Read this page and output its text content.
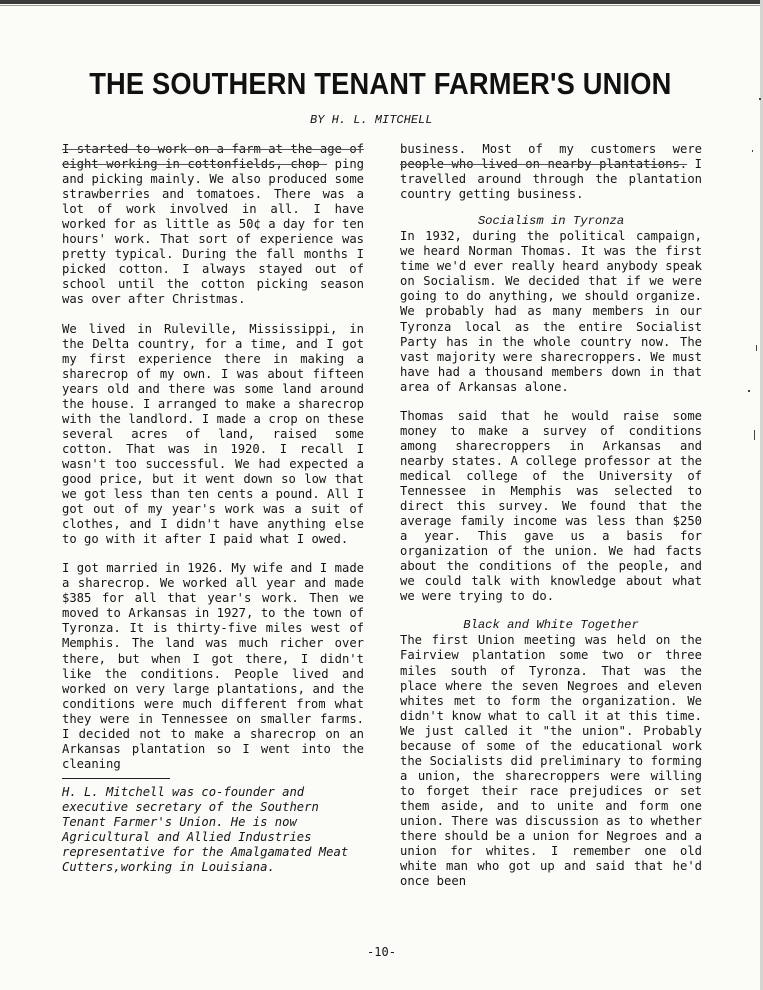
THE SOUTHERN TENANT FARMER'S UNION
BY H. L. MITCHELL

I started to work on a farm at the age of eight working in cottonfields, chop- ping and picking mainly. We also produced some strawberries and tomatoes. There was a lot of work involved in all. I have worked for as little as 50¢ a day for ten hours' work. That sort of experience was pretty typical. During the fall months I picked cotton. I always stayed out of school until the cotton picking season was over after Christmas.

We lived in Ruleville, Mississippi, in the Delta country, for a time, and I got my first experience there in making a sharecrop of my own. I was about fifteen years old and there was some land around the house. I arranged to make a sharecrop with the landlord. I made a crop on these several acres of land, raised some cotton. That was in 1920. I recall I wasn't too successful. We had expected a good price, but it went down so low that we got less than ten cents a pound. All I got out of my year's work was a suit of clothes, and I didn't have anything else to go with it after I paid what I owed.

I got married in 1926. My wife and I made a sharecrop. We worked all year and made $385 for all that year's work. Then we moved to Arkansas in 1927, to the town of Tyronza. It is thirty-five miles west of Memphis. The land was much richer over there, but when I got there, I didn't like the conditions. People lived and worked on very large plantations, and the conditions were much different from what they were in Tennessee on smaller farms. I decided not to make a sharecrop on an Arkansas plantation so I went into the cleaning

H. L. Mitchell was co-founder and executive secretary of the Southern Tenant Farmer's Union. He is now Agricultural and Allied Industries representative for the Amalgamated Meat Cutters,working in Louisiana.

business. Most of my customers were people who lived on nearby plantations. I travelled around through the plantation country getting business.

Socialism in Tyronza

In 1932, during the political campaign, we heard Norman Thomas. It was the first time we'd ever really heard anybody speak on Socialism. We decided that if we were going to do anything, we should organize. We probably had as many members in our Tyronza local as the entire Socialist Party has in the whole country now. The vast majority were sharecroppers. We must have had a thousand members down in that area of Arkansas alone.

Thomas said that he would raise some money to make a survey of conditions among sharecroppers in Arkansas and nearby states. A college professor at the medical college of the University of Tennessee in Memphis was selected to direct this survey. We found that the average family income was less than $250 a year. This gave us a basis for organization of the union. We had facts about the conditions of the people, and we could talk with knowledge about what we were trying to do.

Black and White Together

The first Union meeting was held on the Fairview plantation some two or three miles south of Tyronza. That was the place where the seven Negroes and eleven whites met to form the organization. We didn't know what to call it at this time. We just called it "the union". Probably because of some of the educational work the Socialists did preliminary to forming a union, the sharecroppers were willing to forget their race prejudices or set them aside, and to unite and form one union. There was discussion as to whether there should be a union for Negroes and a union for whites. I remember one old white man who got up and said that he'd once been

-10-
